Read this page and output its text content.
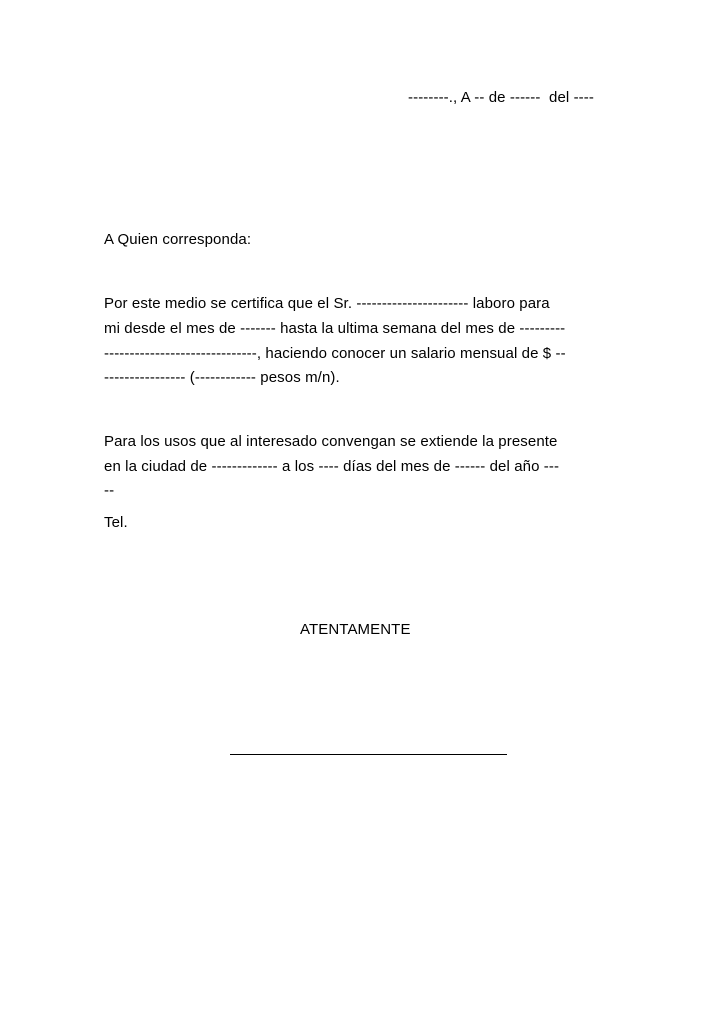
--------., A -- de ------  del ----
A Quien corresponda:
Por este medio se certifica que el Sr. ---------------------- laboro para
mi desde el mes de ------- hasta la ultima semana del mes de ---------
------------------------------, haciendo conocer un salario mensual de $ --
---------------- (------------ pesos m/n).
Para los usos que al interesado convengan se extiende la presente
en la ciudad de ------------- a los ---- días del mes de ------ del año ---
--
Tel.
ATENTAMENTE
